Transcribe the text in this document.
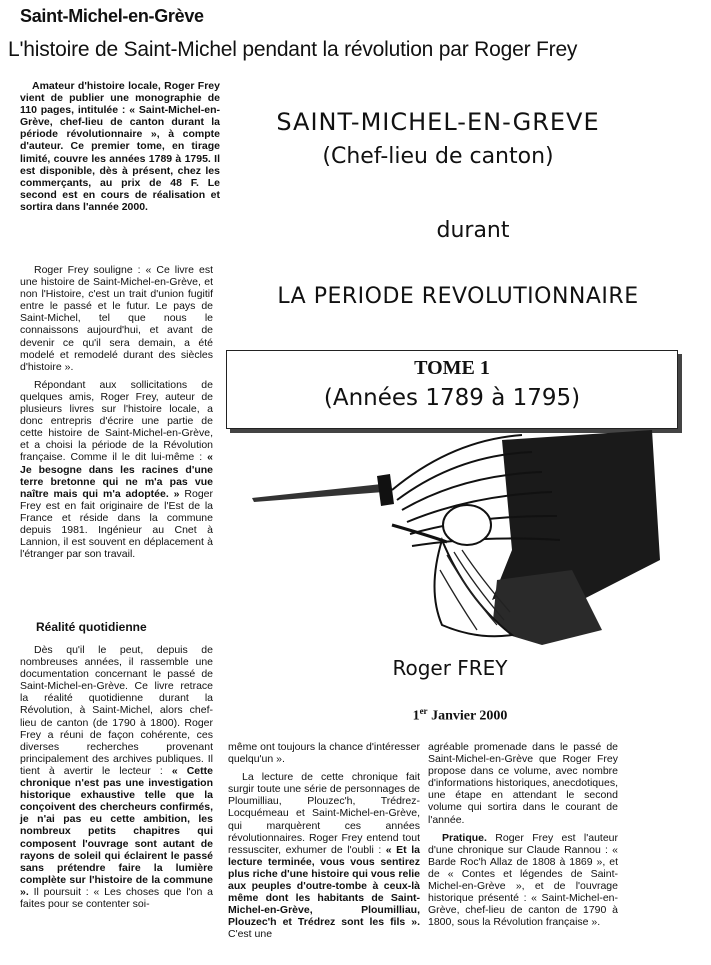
Saint-Michel-en-Grève
L'histoire de Saint-Michel pendant la révolution par Roger Frey

Amateur d'histoire locale, Roger Frey vient de publier une monographie de 110 pages, intitulée : « Saint-Michel-en-Grève, chef-lieu de canton durant la période révolutionnaire », à compte d'auteur. Ce premier tome, en tirage limité, couvre les années 1789 à 1795. Il est disponible, dès à présent, chez les commerçants, au prix de 48 F. Le second est en cours de réalisation et sortira dans l'année 2000.

Roger Frey souligne : « Ce livre est une histoire de Saint-Michel-en-Grève, et non l'Histoire, c'est un trait d'union fugitif entre le passé et le futur. Le pays de Saint-Michel, tel que nous le connaissons aujourd'hui, et avant de devenir ce qu'il sera demain, a été modelé et remodelé durant des siècles d'histoire ».

Répondant aux sollicitations de quelques amis, Roger Frey, auteur de plusieurs livres sur l'histoire locale, a donc entrepris d'écrire une partie de cette histoire de Saint-Michel-en-Grève, et a choisi la période de la Révolution française. Comme il le dit lui-même : « Je besogne dans les racines d'une terre bretonne qui ne m'a pas vue naître mais qui m'a adoptée. » Roger Frey est en fait originaire de l'Est de la France et réside dans la commune depuis 1981. Ingénieur au Cnet à Lannion, il est souvent en déplacement à l'étranger par son travail.

Réalité quotidienne

Dès qu'il le peut, depuis de nombreuses années, il rassemble une documentation concernant le passé de Saint-Michel-en-Grève. Ce livre retrace la réalité quotidienne durant la Révolution, à Saint-Michel, alors chef-lieu de canton (de 1790 à 1800). Roger Frey a réuni de façon cohérente, ces diverses recherches provenant principalement des archives publiques. Il tient à avertir le lecteur : « Cette chronique n'est pas une investigation historique exhaustive telle que la conçoivent des chercheurs confirmés, je n'ai pas eu cette ambition, les nombreux petits chapitres qui composent l'ouvrage sont autant de rayons de soleil qui éclairent le passé sans prétendre faire la lumière complète sur l'histoire de la commune ». Il poursuit : « Les choses que l'on a faites pour se contenter soi-

même ont toujours la chance d'intéresser quelqu'un ».

La lecture de cette chronique fait surgir toute une série de personnages de Ploumilliau, Plouzec'h, Trédrez-Locquémeau et Saint-Michel-en-Grève, qui marquèrent ces années révolutionnaires. Roger Frey entend tout ressusciter, exhumer de l'oubli : « Et la lecture terminée, vous vous sentirez plus riche d'une histoire qui vous relie aux peuples d'outre-tombe à ceux-là même dont les habitants de Saint-Michel-en-Grève, Ploumilliau, Plouzec'h et Trédrez sont les fils ». C'est une

agréable promenade dans le passé de Saint-Michel-en-Grève que Roger Frey propose dans ce volume, avec nombre d'informations historiques, anecdotiques, une étape en attendant le second volume qui sortira dans le courant de l'année.

Pratique. Roger Frey est l'auteur d'une chronique sur Claude Rannou : « Barde Roc'h Allaz de 1808 à 1869 », et de « Contes et légendes de Saint-Michel-en-Grève », et de l'ouvrage historique présenté : « Saint-Michel-en-Grève, chef-lieu de canton de 1790 à 1800, sous la Révolution française ».

SAINT-MICHEL-EN-GREVE
(Chef-lieu de canton)
durant
LA PERIODE REVOLUTIONNAIRE
TOME 1
(Années 1789 à 1795)
Roger FREY
1er Janvier 2000
